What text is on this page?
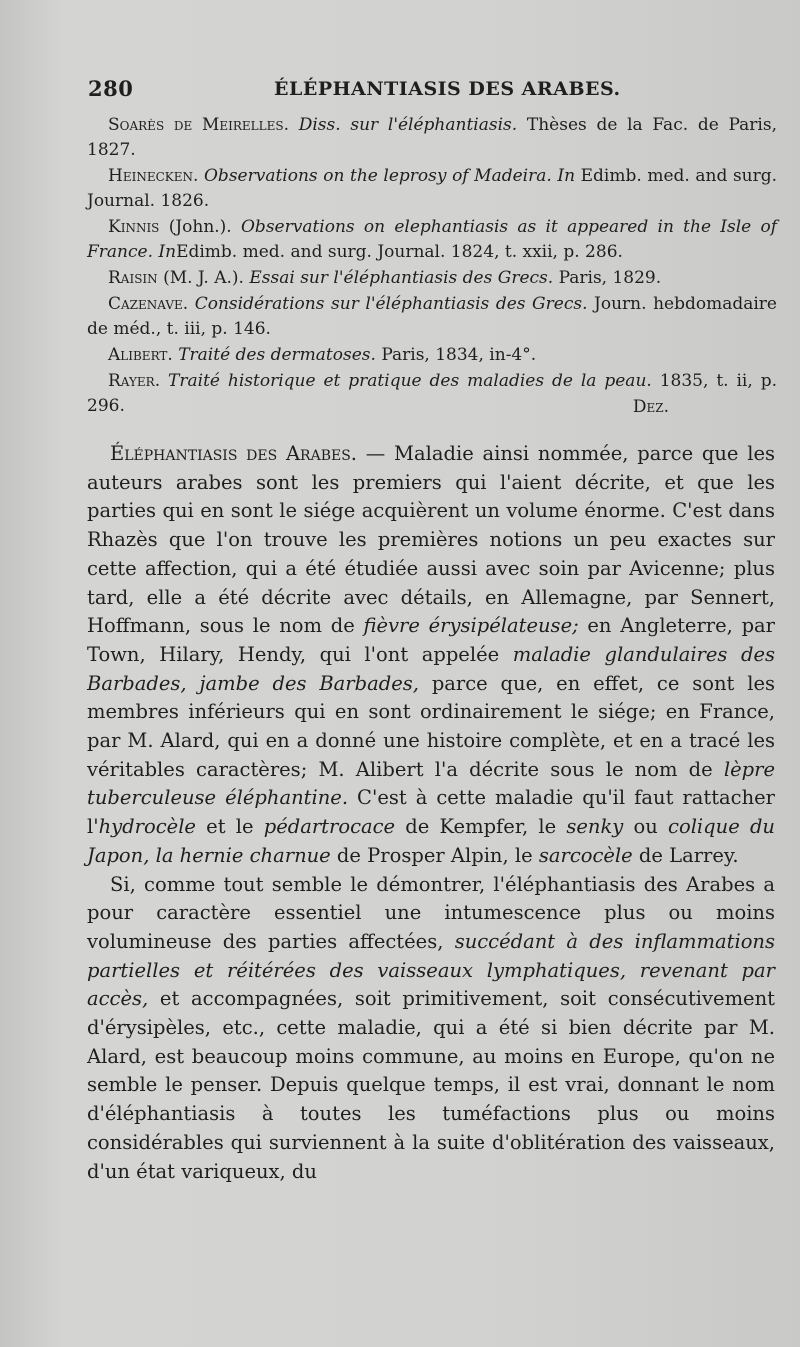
280	ÉLÉPHANTIASIS DES ARABES.

Soarès de Meirelles. Diss. sur l'éléphantiasis. Thèses de la Fac. de Paris, 1827.

Heinecken. Observations on the leprosy of Madeira. In Edimb. med. and surg. Journal. 1826.

Kinnis (John.). Observations on elephantiasis as it appeared in the Isle of France. InEdimb. med. and surg. Journal. 1824, t. xxii, p. 286.

Raisin (M. J. A.). Essai sur l'éléphantiasis des Grecs. Paris, 1829.

Cazenave. Considérations sur l'éléphantiasis des Grecs. Journ. hebdomadaire de méd., t. iii, p. 146.

Alibert. Traité des dermatoses. Paris, 1834, in-4°.

Rayer. Traité historique et pratique des maladies de la peau. 1835, t. ii, p. 296.	Dez.

Éléphantiasis des Arabes. — Maladie ainsi nommée, parce que les auteurs arabes sont les premiers qui l'aient décrite, et que les parties qui en sont le siége acquièrent un volume énorme. C'est dans Rhazès que l'on trouve les premières notions un peu exactes sur cette affection, qui a été étudiée aussi avec soin par Avicenne; plus tard, elle a été décrite avec détails, en Allemagne, par Sennert, Hoffmann, sous le nom de fièvre érysipélateuse; en Angleterre, par Town, Hilary, Hendy, qui l'ont appelée maladie glandulaires des Barbades, jambe des Barbades, parce que, en effet, ce sont les membres inférieurs qui en sont ordinairement le siége; en France, par M. Alard, qui en a donné une histoire complète, et en a tracé les véritables caractères; M. Alibert l'a décrite sous le nom de lèpre tuberculeuse éléphantine. C'est à cette maladie qu'il faut rattacher l'hydrocèle et le pédartrocace de Kempfer, le senky ou colique du Japon, la hernie charnue de Prosper Alpin, le sarcocèle de Larrey.

Si, comme tout semble le démontrer, l'éléphantiasis des Arabes a pour caractère essentiel une intumescence plus ou moins volumineuse des parties affectées, succédant à des inflammations partielles et réitérées des vaisseaux lymphatiques, revenant par accès, et accompagnées, soit primitivement, soit consécutivement d'érysipèles, etc., cette maladie, qui a été si bien décrite par M. Alard, est beaucoup moins commune, au moins en Europe, qu'on ne semble le penser. Depuis quelque temps, il est vrai, donnant le nom d'éléphantiasis à toutes les tuméfactions plus ou moins considérables qui surviennent à la suite d'oblitération des vaisseaux, d'un état variqueux, du
